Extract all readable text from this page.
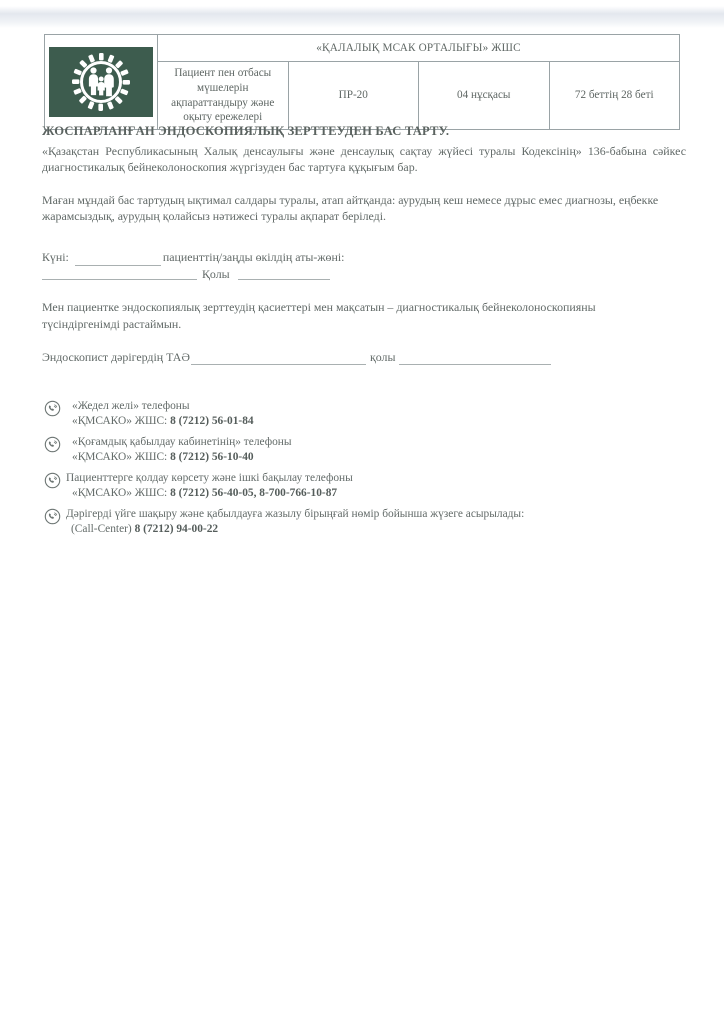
	«ҚАЛАЛЫҚ МСАК ОРТАЛЫҒЫ» ЖШС			
	Пациент пен отбасы мүшелерін ақпараттандыру және оқыту ережелері	ПР-20	04 нұсқасы	72 беттің 28 беті
ЖОСПАРЛАНҒАН ЭНДОСКОПИЯЛЫҚ ЗЕРТТЕУДЕН БАС ТАРТУ.
«Қазақстан Республикасының Халық денсаулығы және денсаулық сақтау жүйесі туралы Кодексінің» 136-бабына сәйкес диагностикалық бейнеколоноскопия жүргізуден бас тартуға құқығым бар.
Маған мұндай бас тартудың ықтимал салдары туралы, атап айтқанда: аурудың кеш немесе дұрыс емес диагнозы, еңбекке жарамсыздық, аурудың қолайсыз нәтижесі туралы ақпарат беріледі.
Күні:	пациенттің/заңды өкілдің аты-жөні:
Қолы
Мен пациентке эндоскопиялық зерттеудің қасиеттері мен мақсатын – диагностикалық бейнеколоноскопияны түсіндіргенімді растаймын.
Эндоскопист дәрігердің ТАӘ	қолы
«Жедел желі» телефоны
«ҚМСАКО» ЖШС: 8 (7212) 56-01-84
«Қоғамдық қабылдау кабинетінің» телефоны
«ҚМСАКО» ЖШС: 8 (7212) 56-10-40
Пациенттерге қолдау көрсету және ішкі бақылау телефоны
«ҚМСАКО» ЖШС: 8 (7212) 56-40-05, 8-700-766-10-87
Дәрігерді үйге шақыру және қабылдауға жазылу бірыңғай нөмір бойынша жүзеге асырылады:
(Call-Center) 8 (7212) 94-00-22
